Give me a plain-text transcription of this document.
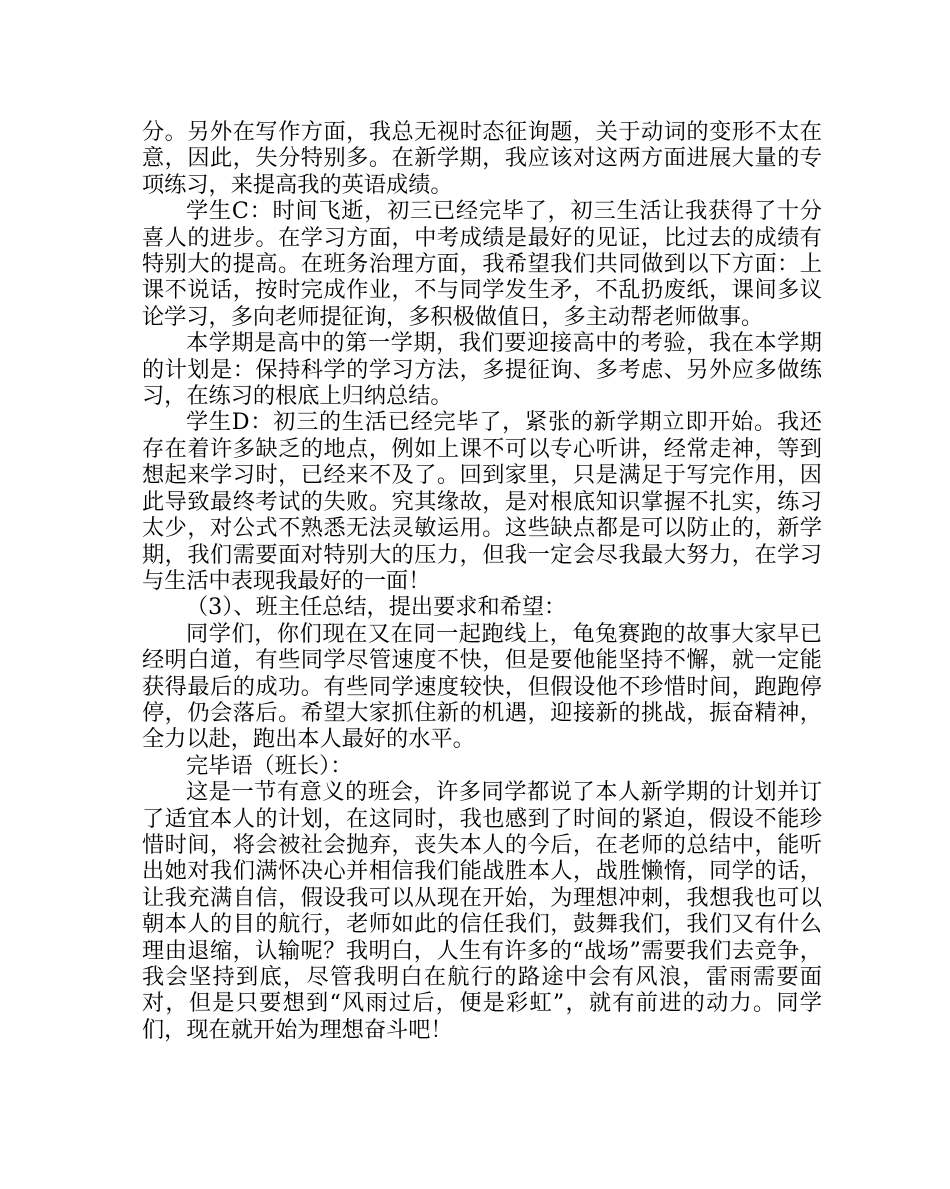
分。另外在写作方面，我总无视时态征询题，关于动词的变形不太在意，因此，失分特别多。在新学期，我应该对这两方面进展大量的专项练习，来提高我的英语成绩。

学生C：时间飞逝，初三已经完毕了，初三生活让我获得了十分喜人的进步。在学习方面，中考成绩是最好的见证，比过去的成绩有特别大的提高。在班务治理方面，我希望我们共同做到以下方面：上课不说话，按时完成作业，不与同学发生矛，不乱扔废纸，课间多议论学习，多向老师提征询，多积极做值日，多主动帮老师做事。

本学期是高中的第一学期，我们要迎接高中的考验，我在本学期的计划是：保持科学的学习方法，多提征询、多考虑、另外应多做练习，在练习的根底上归纳总结。

学生D：初三的生活已经完毕了，紧张的新学期立即开始。我还存在着许多缺乏的地点，例如上课不可以专心听讲，经常走神，等到想起来学习时，已经来不及了。回到家里，只是满足于写完作用，因此导致最终考试的失败。究其缘故，是对根底知识掌握不扎实，练习太少，对公式不熟悉无法灵敏运用。这些缺点都是可以防止的，新学期，我们需要面对特别大的压力，但我一定会尽我最大努力，在学习与生活中表现我最好的一面！

（3）、班主任总结，提出要求和希望：

同学们，你们现在又在同一起跑线上，龟兔赛跑的故事大家早已经明白道，有些同学尽管速度不快，但是要他能坚持不懈，就一定能获得最后的成功。有些同学速度较快，但假设他不珍惜时间，跑跑停停，仍会落后。希望大家抓住新的机遇，迎接新的挑战，振奋精神，全力以赴，跑出本人最好的水平。

完毕语（班长）：

这是一节有意义的班会，许多同学都说了本人新学期的计划并订了适宜本人的计划，在这同时，我也感到了时间的紧迫，假设不能珍惜时间，将会被社会抛弃，丧失本人的今后，在老师的总结中，能听出她对我们满怀决心并相信我们能战胜本人，战胜懒惰，同学的话，让我充满自信，假设我可以从现在开始，为理想冲刺，我想我也可以朝本人的目的航行，老师如此的信任我们，鼓舞我们，我们又有什么理由退缩，认输呢？我明白，人生有许多的“战场”需要我们去竞争，我会坚持到底，尽管我明白在航行的路途中会有风浪，雷雨需要面对，但是只要想到“风雨过后，便是彩虹”，就有前进的动力。同学们，现在就开始为理想奋斗吧！
